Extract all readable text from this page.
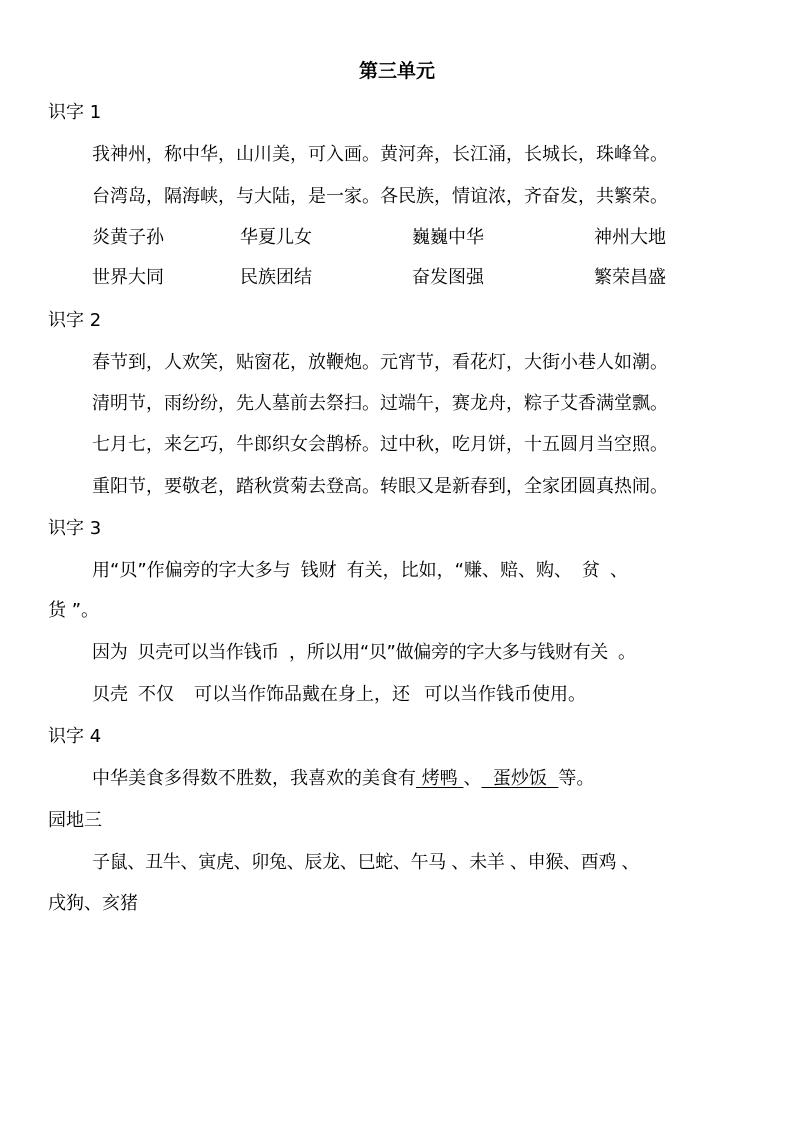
第三单元
识字 1
我神州，称中华，山川美，可入画。黄河奔，长江涌，长城长，珠峰耸。
台湾岛，隔海峡，与大陆，是一家。各民族，情谊浓，齐奋发，共繁荣。
炎黄子孙	华夏儿女	巍巍中华	神州大地
世界大同	民族团结	奋发图强	繁荣昌盛
识字 2
春节到，人欢笑，贴窗花，放鞭炮。元宵节，看花灯，大街小巷人如潮。
清明节，雨纷纷，先人墓前去祭扫。过端午，赛龙舟，粽子艾香满堂飘。
七月七，来乞巧，牛郎织女会鹊桥。过中秋，吃月饼，十五圆月当空照。
重阳节，要敬老，踏秋赏菊去登高。转眼又是新春到，全家团圆真热闹。
识字 3
用“贝”作偏旁的字大多与 钱财 有关，比如，“赚、赔、购、 贫 、
货 ”。
因为 贝壳可以当作钱币 ，所以用“贝”做偏旁的字大多与钱财有关 。
贝壳 不仅 可以当作饰品戴在身上，还 可以当作钱币使用。
识字 4
中华美食多得数不胜数，我喜欢的美食有 烤鸭 、 蛋炒饭 等。
园地三
子鼠、丑牛、寅虎、卯兔、辰龙、巳蛇、午马 、未羊 、申猴、酉鸡 、
戌狗、亥猪
